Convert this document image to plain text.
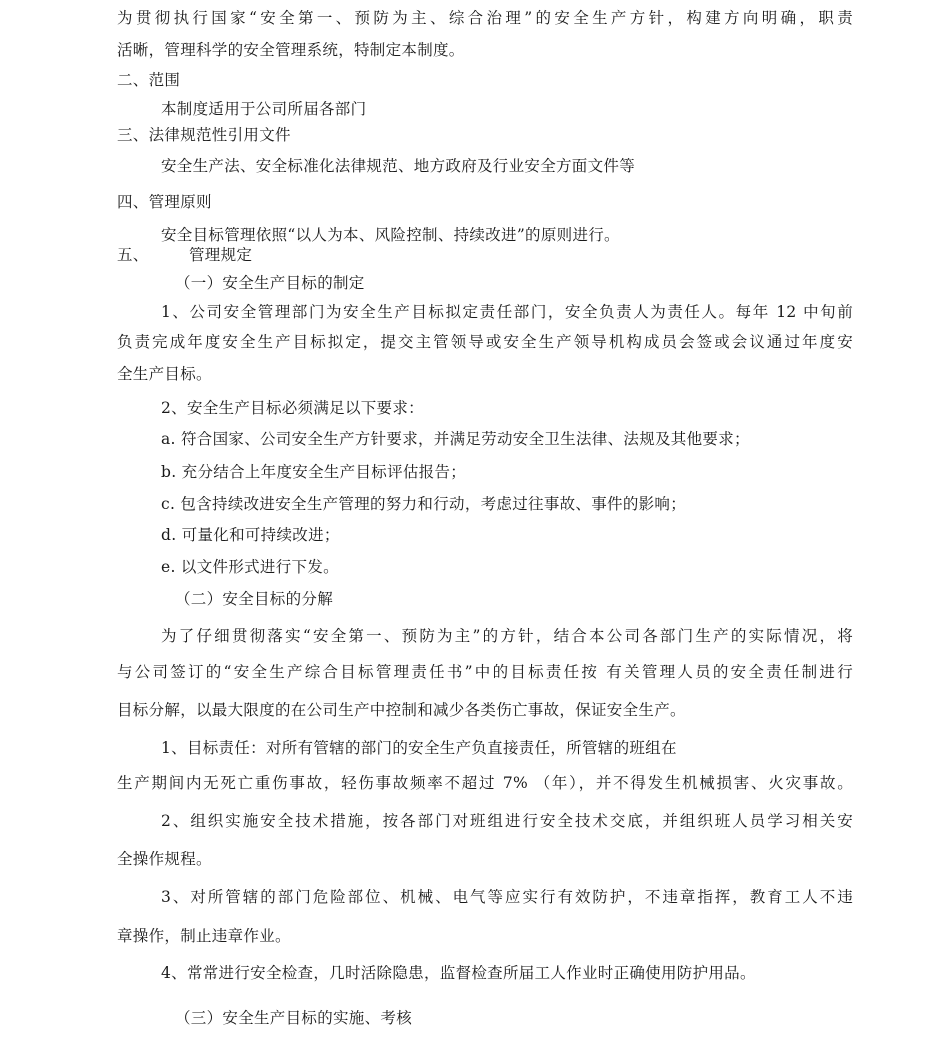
为贯彻执行国家“安全第一、预防为主、综合治理”的安全生产方针，构建方向明确，职责
活晰，管理科学的安全管理系统，特制定本制度。
二、范围
本制度适用于公司所届各部门
三、法律规范性引用文件
安全生产法、安全标准化法律规范、地方政府及行业安全方面文件等
四、管理原则
安全目标管理依照“以人为本、风险控制、持续改进”的原则进行。
五、	管理规定
（一）安全生产目标的制定
1、公司安全管理部门为安全生产目标拟定责任部门，安全负责人为责任人。每年 12 中旬前
负责完成年度安全生产目标拟定，提交主管领导或安全生产领导机构成员会签或会议通过年度安
全生产目标。
2、安全生产目标必须满足以下要求：
a. 符合国家、公司安全生产方针要求，并满足劳动安全卫生法律、法规及其他要求；
b. 充分结合上年度安全生产目标评估报告；
c. 包含持续改进安全生产管理的努力和行动，考虑过往事故、事件的影响；
d. 可量化和可持续改进；
e. 以文件形式进行下发。
（二）安全目标的分解
为了仔细贯彻落实“安全第一、预防为主”的方针，结合本公司各部门生产的实际情况，将
与公司签订的“安全生产综合目标管理责任书”中的目标责任按 有关管理人员的安全责任制进行
目标分解，以最大限度的在公司生产中控制和减少各类伤亡事故，保证安全生产。
1、目标责任：对所有管辖的部门的安全生产负直接责任，所管辖的班组在
生产期间内无死亡重伤事故，轻伤事故频率不超过 7% （年），并不得发生机械损害、火灾事故。
2、组织实施安全技术措施，按各部门对班组进行安全技术交底，并组织班人员学习相关安
全操作规程。
3、对所管辖的部门危险部位、机械、电气等应实行有效防护，不违章指挥，教育工人不违
章操作，制止违章作业。
4、常常进行安全检查，几时活除隐患，监督检查所届工人作业时正确使用防护用品。
（三）安全生产目标的实施、考核
